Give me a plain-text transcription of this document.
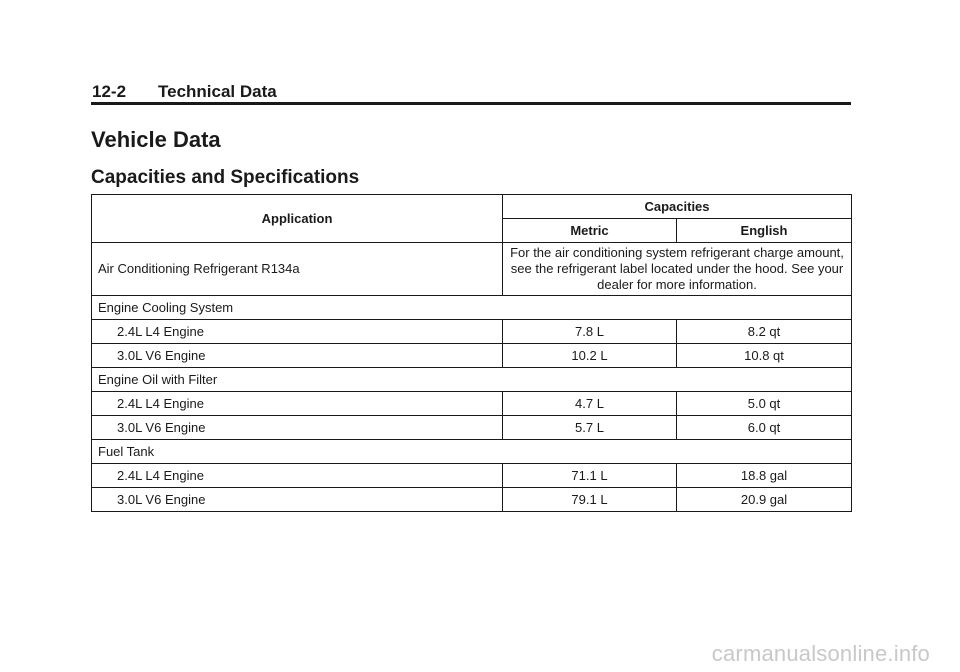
12-2 Technical Data
Vehicle Data
Capacities and Specifications
Application	Capacities	
	Metric	English
Air Conditioning Refrigerant R134a	For the air conditioning system refrigerant charge amount, see the refrigerant label located under the hood. See your dealer for more information.	
Engine Cooling System		
2.4L L4 Engine	7.8 L	8.2 qt
3.0L V6 Engine	10.2 L	10.8 qt
Engine Oil with Filter		
2.4L L4 Engine	4.7 L	5.0 qt
3.0L V6 Engine	5.7 L	6.0 qt
Fuel Tank		
2.4L L4 Engine	71.1 L	18.8 gal
3.0L V6 Engine	79.1 L	20.9 gal
carmanualsonline.info
